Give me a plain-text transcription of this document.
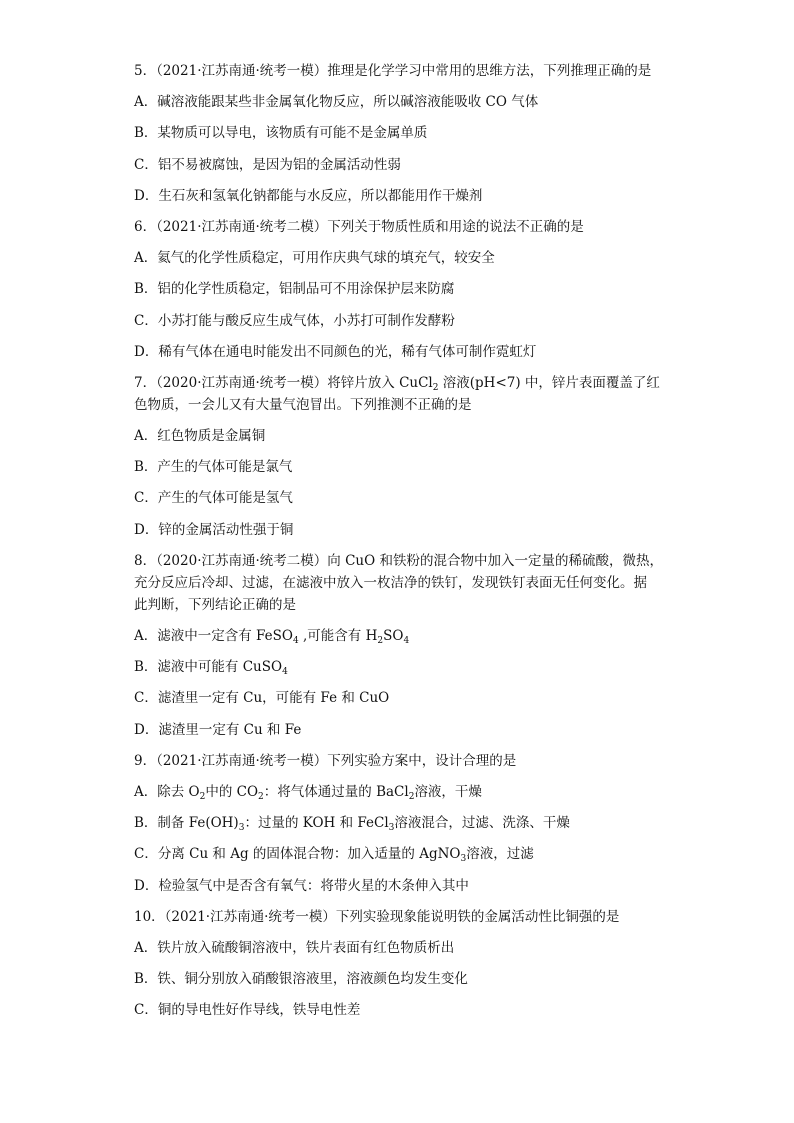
5．（2021·江苏南通·统考一模）推理是化学学习中常用的思维方法，下列推理正确的是
A．碱溶液能跟某些非金属氧化物反应，所以碱溶液能吸收 CO 气体
B．某物质可以导电，该物质有可能不是金属单质
C．铝不易被腐蚀，是因为铝的金属活动性弱
D．生石灰和氢氧化钠都能与水反应，所以都能用作干燥剂
6．（2021·江苏南通·统考二模）下列关于物质性质和用途的说法不正确的是
A．氦气的化学性质稳定，可用作庆典气球的填充气，较安全
B．铝的化学性质稳定，铝制品可不用涂保护层来防腐
C．小苏打能与酸反应生成气体，小苏打可制作发酵粉
D．稀有气体在通电时能发出不同颜色的光，稀有气体可制作霓虹灯
7．（2020·江苏南通·统考一模）将锌片放入 CuCl$_2$ 溶液(pH<7) 中，锌片表面覆盖了红
色物质，一会儿又有大量气泡冒出。下列推测不正确的是
A．红色物质是金属铜
B．产生的气体可能是氯气
C．产生的气体可能是氢气
D．锌的金属活动性强于铜
8．（2020·江苏南通·统考二模）向 CuO 和铁粉的混合物中加入一定量的稀硫酸，微热，
充分反应后冷却、过滤，在滤液中放入一枚洁净的铁钉，发现铁钉表面无任何变化。据
此判断，下列结论正确的是
A．滤液中一定含有 FeSO$_4$ ,可能含有 $H_2SO_4$
B．滤液中可能有 CuSO$_4$
C．滤渣里一定有 Cu，可能有 Fe 和 CuO
D．滤渣里一定有 Cu 和 Fe
9．（2021·江苏南通·统考一模）下列实验方案中，设计合理的是
A．除去 $O_2$中的 $CO_2$：将气体通过量的 BaCl$_2$溶液，干燥
B．制备 $Fe(OH)_3$：过量的 KOH 和 FeCl$_3$溶液混合，过滤、洗涤、干燥
C．分离 Cu 和 Ag 的固体混合物：加入适量的 AgNO$_3$溶液，过滤
D．检验氢气中是否含有氧气：将带火星的木条伸入其中
10．（2021·江苏南通·统考一模）下列实验现象能说明铁的金属活动性比铜强的是
A．铁片放入硫酸铜溶液中，铁片表面有红色物质析出
B．铁、铜分别放入硝酸银溶液里，溶液颜色均发生变化
C．铜的导电性好作导线，铁导电性差
